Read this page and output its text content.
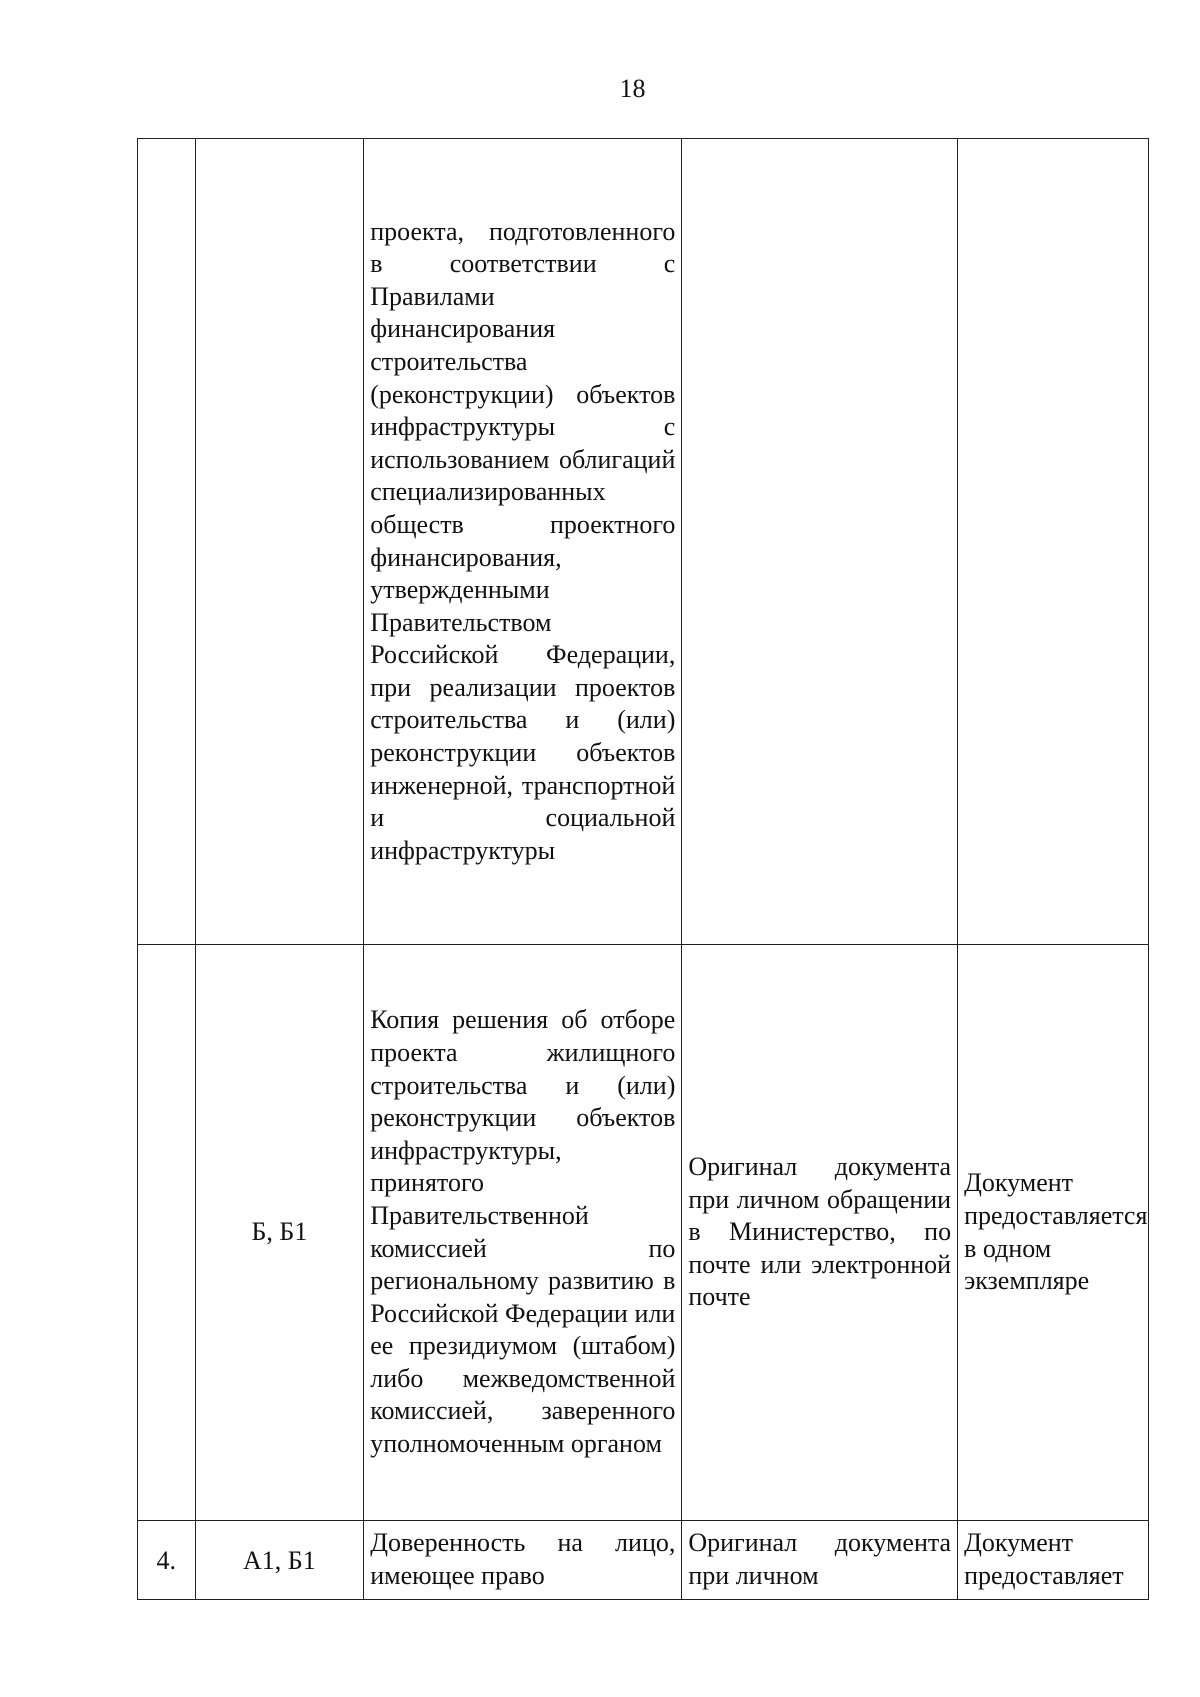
18

		проекта, подготовленного в соответствии с Правилами финансирования строительства (реконструкции) объектов инфраструктуры с использованием облигаций специализированных обществ проектного финансирования, утвержденными Правительством Российской Федерации, при реализации проектов строительства и (или) реконструкции объектов инженерной, транспортной и социальной инфраструктуры		

	Б, Б1	Копия решения об отборе проекта жилищного строительства и (или) реконструкции объектов инфраструктуры, принятого Правительственной комиссией по региональному развитию в Российской Федерации или ее президиумом (штабом) либо межведомственной комиссией, заверенного уполномоченным органом	Оригинал документа при личном обращении в Министерство, по почте или электронной почте	Документ предоставляется в одном экземпляре

4.	А1, Б1	Доверенность на лицо, имеющее право	Оригинал документа при личном	Документ предоставляет
